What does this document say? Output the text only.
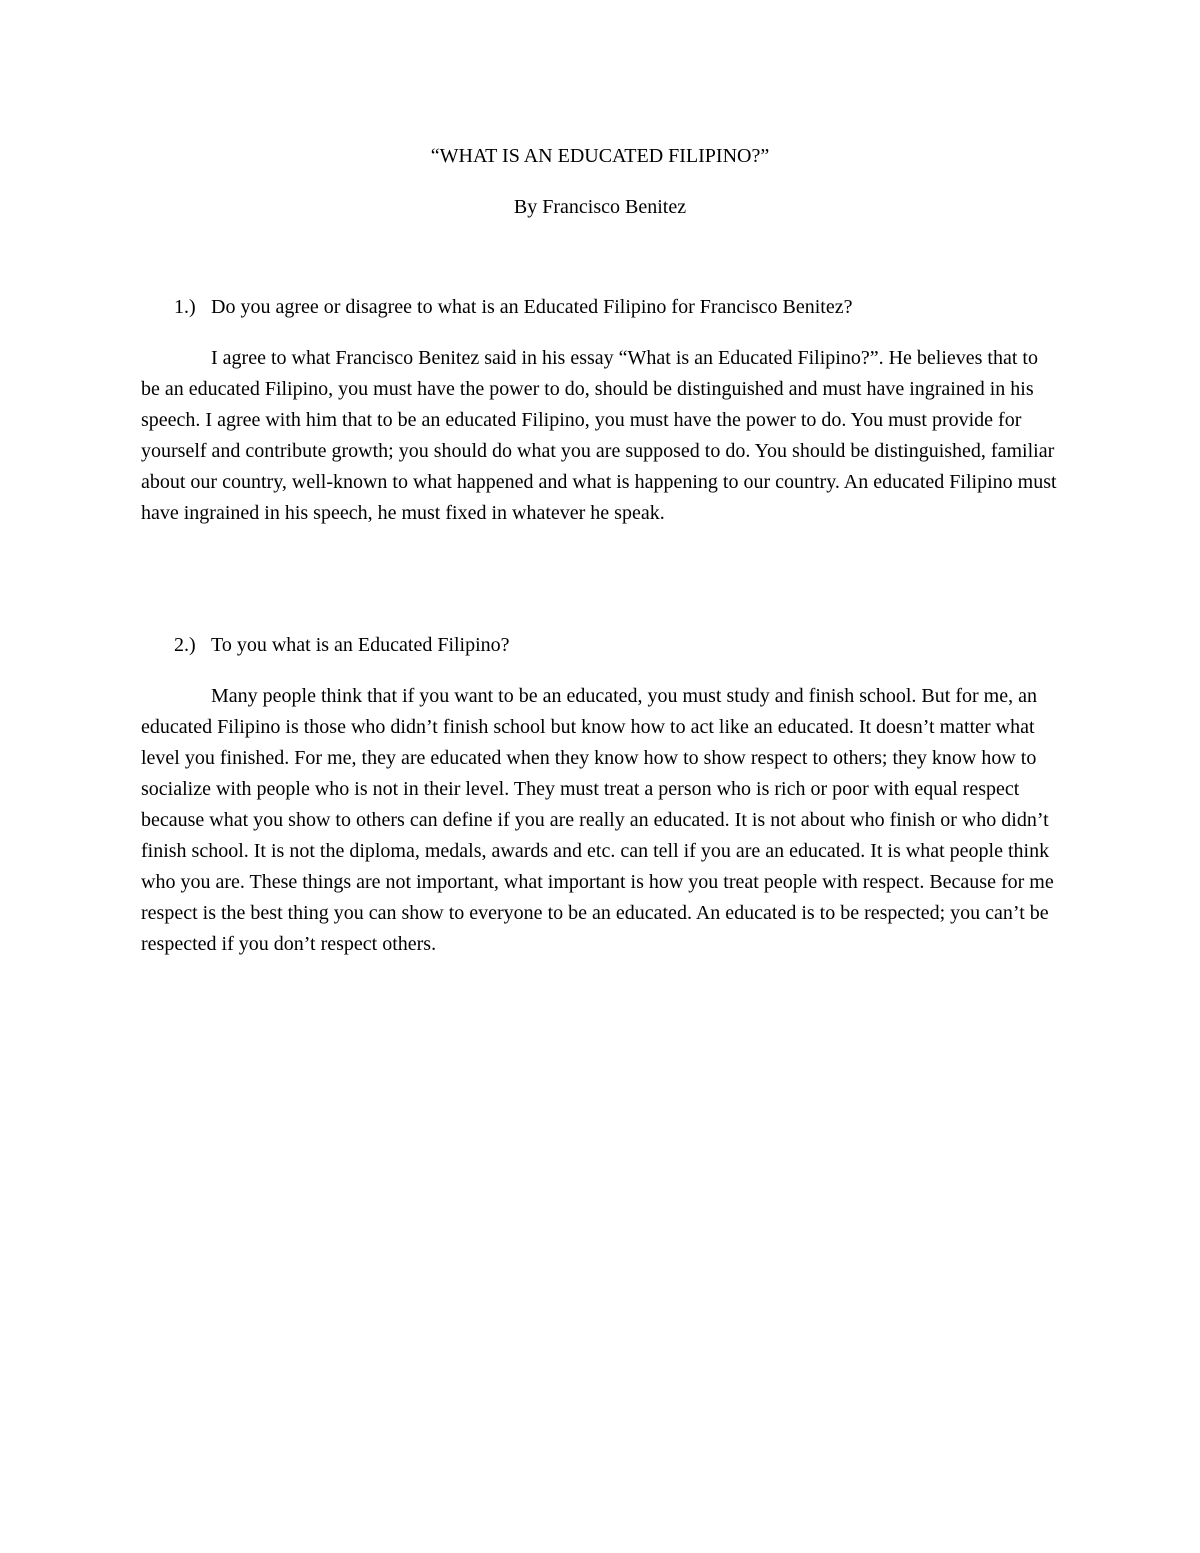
“WHAT IS AN EDUCATED FILIPINO?”

By Francisco Benitez

1.) Do you agree or disagree to what is an Educated Filipino for Francisco Benitez?

I agree to what Francisco Benitez said in his essay “What is an Educated Filipino?”. He believes that to be an educated Filipino, you must have the power to do, should be distinguished and must have ingrained in his speech. I agree with him that to be an educated Filipino, you must have the power to do. You must provide for yourself and contribute growth; you should do what you are supposed to do. You should be distinguished, familiar about our country, well-known to what happened and what is happening to our country. An educated Filipino must have ingrained in his speech, he must fixed in whatever he speak.

2.) To you what is an Educated Filipino?

Many people think that if you want to be an educated, you must study and finish school. But for me, an educated Filipino is those who didn’t finish school but know how to act like an educated. It doesn’t matter what level you finished. For me, they are educated when they know how to show respect to others; they know how to socialize with people who is not in their level. They must treat a person who is rich or poor with equal respect because what you show to others can define if you are really an educated. It is not about who finish or who didn’t finish school. It is not the diploma, medals, awards and etc. can tell if you are an educated. It is what people think who you are. These things are not important, what important is how you treat people with respect. Because for me respect is the best thing you can show to everyone to be an educated. An educated is to be respected; you can’t be respected if you don’t respect others.
